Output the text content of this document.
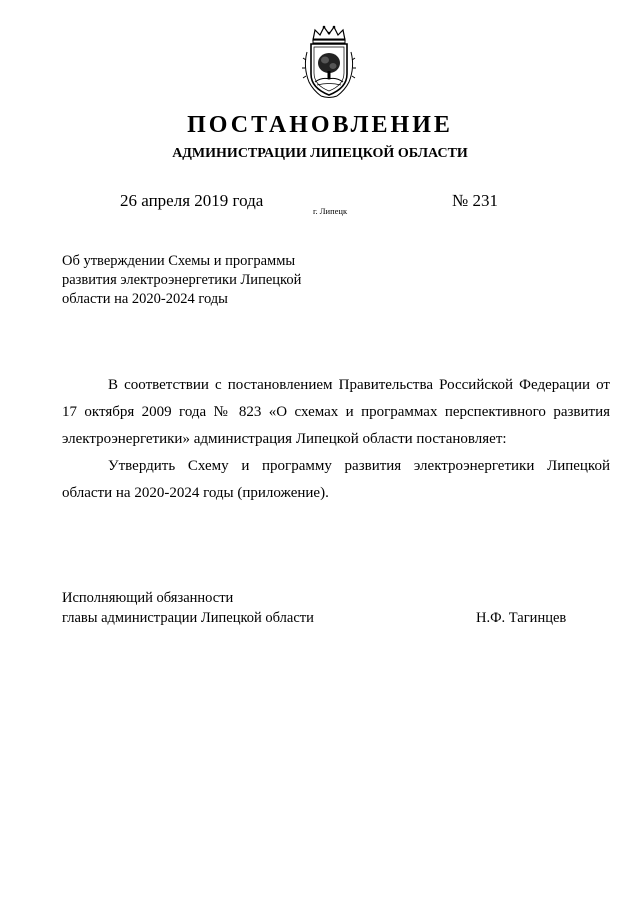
ПОСТАНОВЛЕНИЕ
АДМИНИСТРАЦИИ ЛИПЕЦКОЙ ОБЛАСТИ
26 апреля 2019 года
г. Липецк
№ 231
Об утверждении Схемы и программы
развития электроэнергетики Липецкой
области на 2020-2024 годы

В соответствии с постановлением Правительства Российской Федерации от 17 октября 2009 года № 823 «О схемах и программах перспективного развития электроэнергетики» администрация Липецкой области постановляет:

Утвердить Схему и программу развития электроэнергетики Липецкой области на 2020-2024 годы (приложение).

Исполняющий обязанности
главы администрации Липецкой области	Н.Ф. Тагинцев
